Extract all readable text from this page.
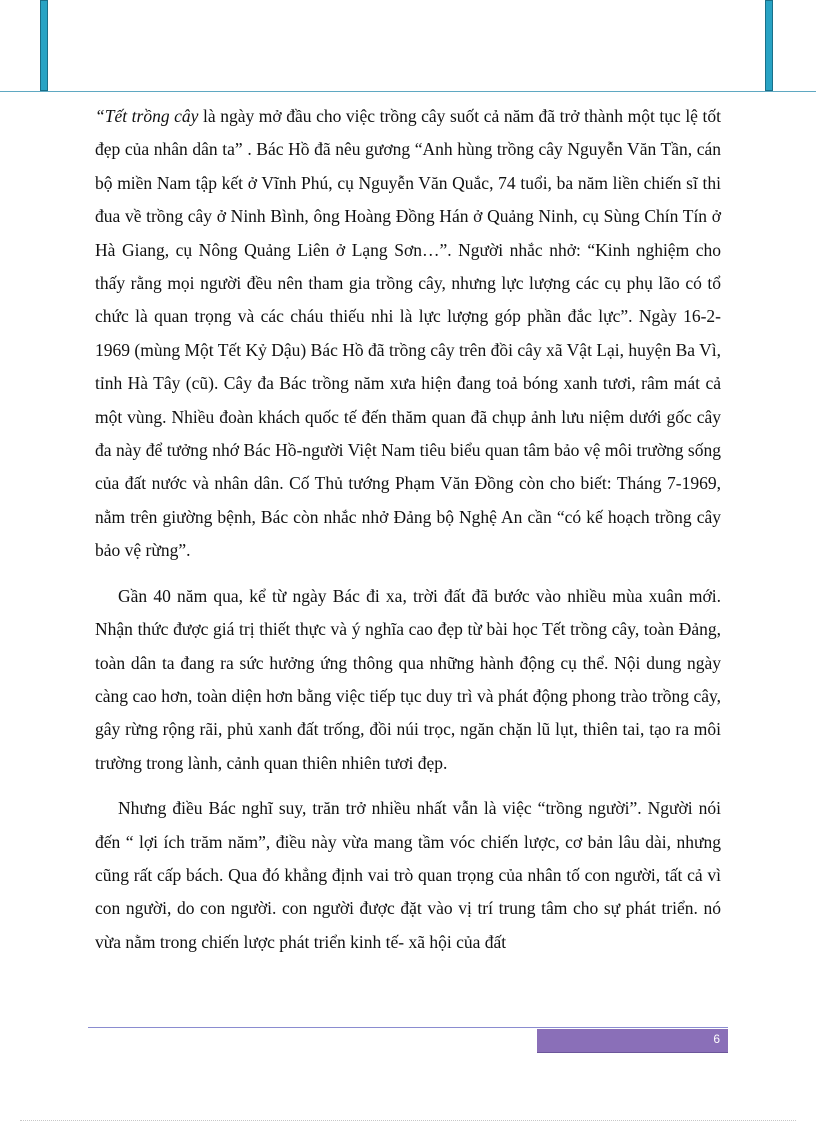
“Tết trồng cây là ngày mở đầu cho việc trồng cây suốt cả năm đã trở thành một tục lệ tốt đẹp của nhân dân ta” . Bác Hồ đã nêu gương “Anh hùng trồng cây Nguyễn Văn Tần, cán bộ miền Nam tập kết ở Vĩnh Phú, cụ Nguyễn Văn Quắc, 74 tuổi, ba năm liền chiến sĩ thi đua về trồng cây ở Ninh Bình, ông Hoàng Đồng Hán ở Quảng Ninh, cụ Sùng Chín Tín ở Hà Giang, cụ Nông Quảng Liên ở Lạng Sơn…”. Người nhắc nhở: “Kinh nghiệm cho thấy rằng mọi người đều nên tham gia trồng cây, nhưng lực lượng các cụ phụ lão có tổ chức là quan trọng và các cháu thiếu nhi là lực lượng góp phần đắc lực”. Ngày 16-2-1969 (mùng Một Tết Kỷ Dậu) Bác Hồ đã trồng cây trên đồi cây xã Vật Lại, huyện Ba Vì, tỉnh Hà Tây (cũ). Cây đa Bác trồng năm xưa hiện đang toả bóng xanh tươi, râm mát cả một vùng. Nhiều đoàn khách quốc tế đến thăm quan đã chụp ảnh lưu niệm dưới gốc cây đa này để tưởng nhớ Bác Hồ-người Việt Nam tiêu biểu quan tâm bảo vệ môi trường sống của đất nước và nhân dân. Cố Thủ tướng Phạm Văn Đồng còn cho biết: Tháng 7-1969, nằm trên giường bệnh, Bác còn nhắc nhở Đảng bộ Nghệ An cần “có kế hoạch trồng cây bảo vệ rừng”.

Gần 40 năm qua, kể từ ngày Bác đi xa, trời đất đã bước vào nhiều mùa xuân mới. Nhận thức được giá trị thiết thực và ý nghĩa cao đẹp từ bài học Tết trồng cây, toàn Đảng, toàn dân ta đang ra sức hưởng ứng thông qua những hành động cụ thể. Nội dung ngày càng cao hơn, toàn diện hơn bằng việc tiếp tục duy trì và phát động phong trào trồng cây, gây rừng rộng rãi, phủ xanh đất trống, đồi núi trọc, ngăn chặn lũ lụt, thiên tai, tạo ra môi trường trong lành, cảnh quan thiên nhiên tươi đẹp.

Nhưng điều Bác nghĩ suy, trăn trở nhiều nhất vẫn là việc “trồng người”. Người nói đến “ lợi ích trăm năm”, điều này vừa mang tầm vóc chiến lược, cơ bản lâu dài, nhưng cũng rất cấp bách. Qua đó khẳng định vai trò quan trọng của nhân tố con người, tất cả vì con người, do con người. con người được đặt vào vị trí trung tâm cho sự phát triển. nó vừa nằm trong chiến lược phát triển kinh tế- xã hội của đất

6
